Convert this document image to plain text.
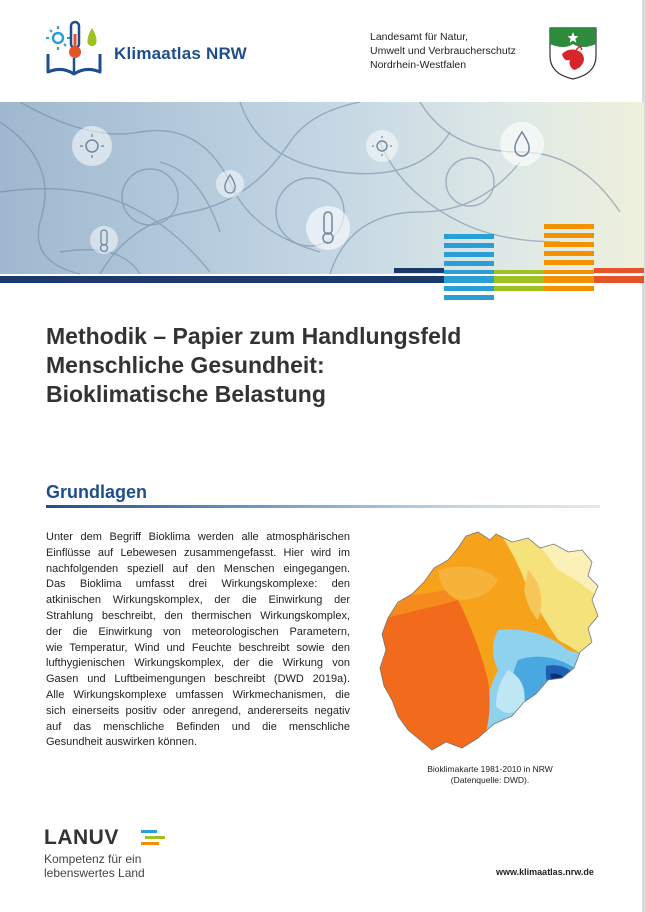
Klimaatlas NRW
Landesamt für Natur,
Umwelt und Verbraucherschutz
Nordrhein-Westfalen
Methodik – Papier zum Handlungsfeld
Menschliche Gesundheit:
Bioklimatische Belastung
Grundlagen
Unter dem Begriff Bioklima werden alle atmosphärischen
Einflüsse auf Lebewesen zusammengefasst. Hier wird im
nachfolgenden speziell auf den Menschen eingegangen.
Das Bioklima umfasst drei Wirkungskomplexe: den
atkinischen Wirkungskomplex, der die Einwirkung der
Strahlung beschreibt, den thermischen Wirkungskomplex,
der die Einwirkung von meteorologischen Parametern,
wie Temperatur, Wind und Feuchte beschreibt sowie den
lufthygienischen Wirkungskomplex, der die Wirkung von
Gasen und Luftbeimengungen beschreibt (DWD 2019a).
Alle Wirkungskomplexe umfassen Wirkmechanismen, die
sich einerseits positiv oder anregend, andererseits negativ
auf das menschliche Befinden und die menschliche
Gesundheit auswirken können.
Bioklimakarte 1981-2010 in NRW
(Datenquelle: DWD).
LANUV
Kompetenz für ein
lebenswertes Land	www.klimaatlas.nrw.de
